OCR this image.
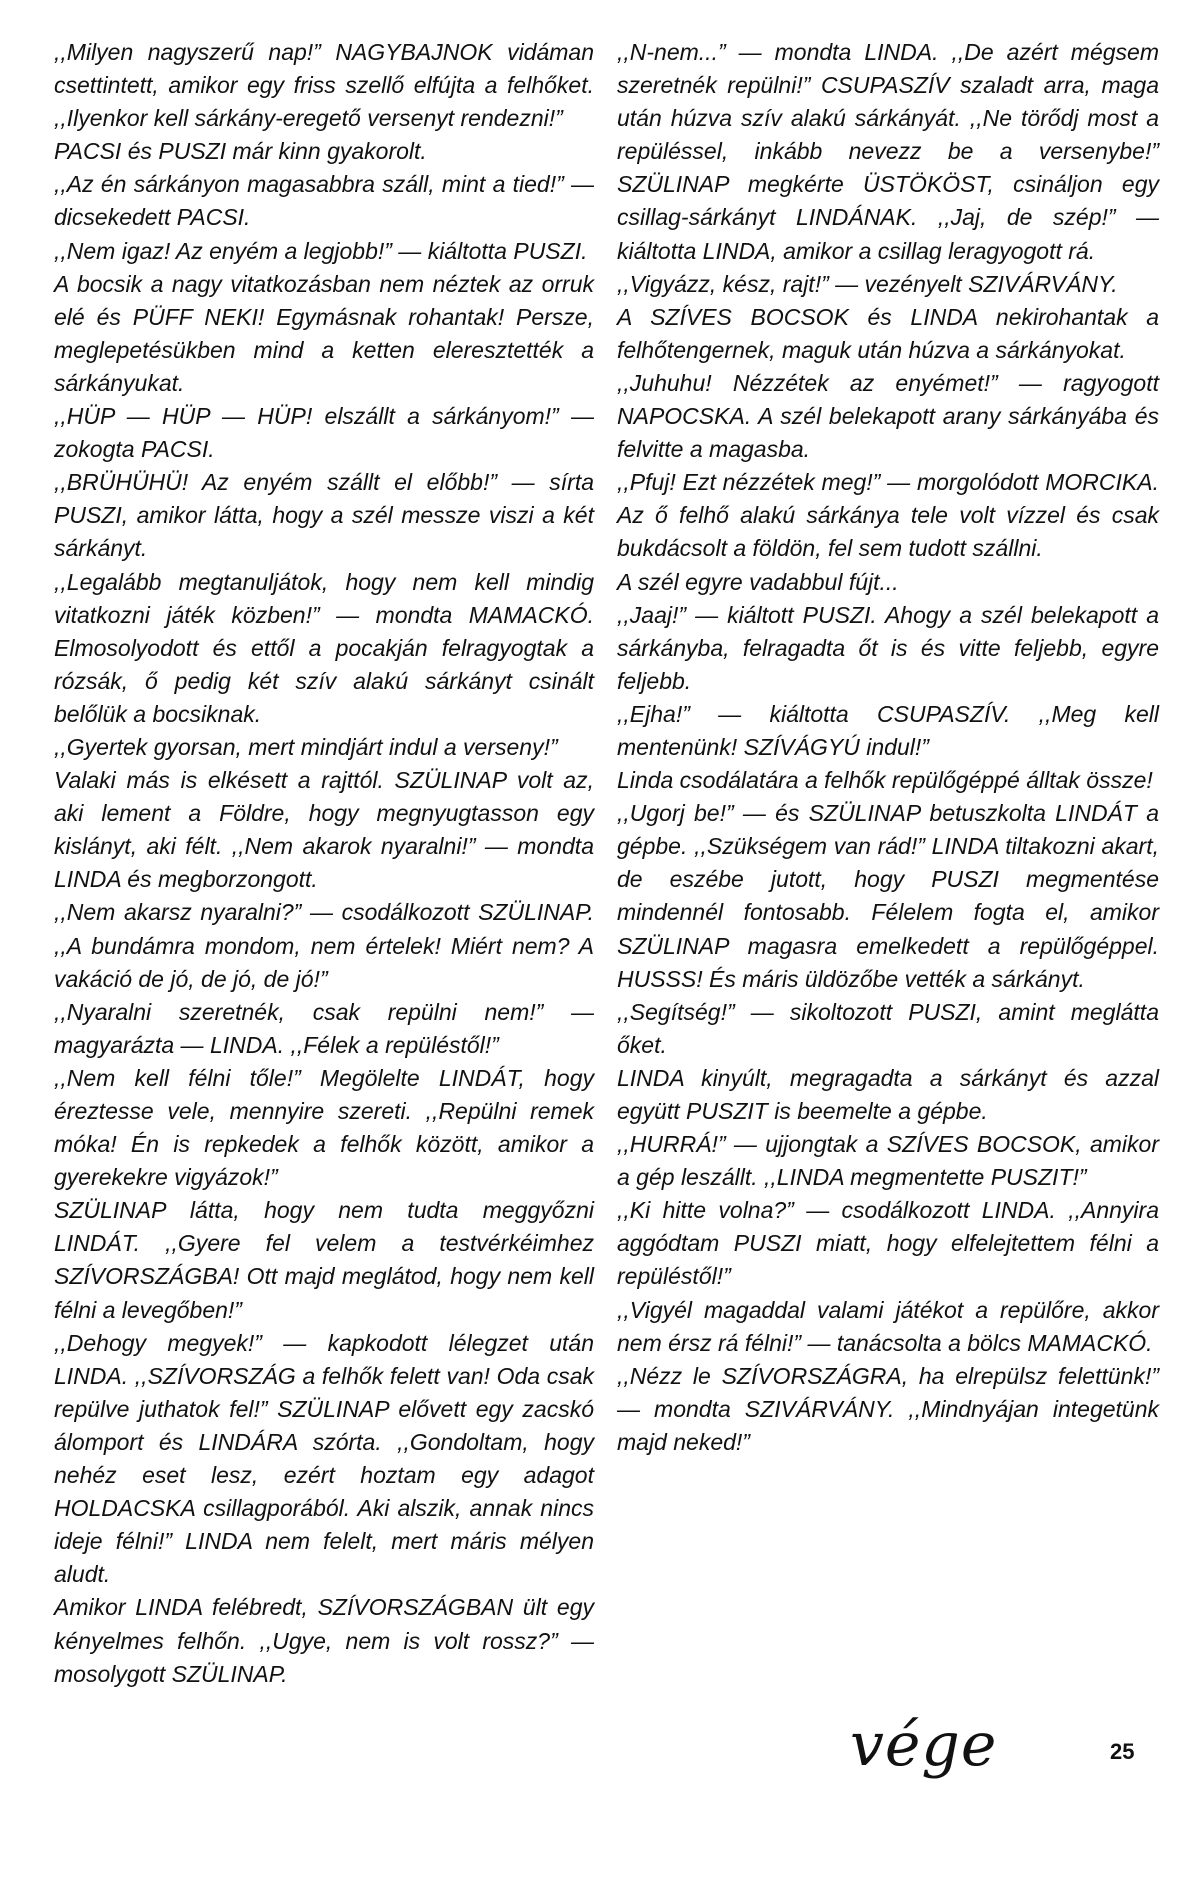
,,Milyen nagyszerű nap!” NAGYBAJNOK vidáman csettintett, amikor egy friss szellő elfújta a felhőket. ,,Ilyenkor kell sárkány-eregető versenyt rendezni!”

PACSI és PUSZI már kinn gyakorolt.

,,Az én sárkányon magasabbra száll, mint a tied!” — dicsekedett PACSI.

,,Nem igaz! Az enyém a legjobb!” — kiáltotta PUSZI.

A bocsik a nagy vitatkozásban nem néztek az orruk elé és PÜFF NEKI! Egymásnak rohantak! Persze, meglepetésükben mind a ketten eleresztették a sárkányukat.

,,HÜP — HÜP — HÜP! elszállt a sárkányom!” — zokogta PACSI.

,,BRÜHÜHÜ! Az enyém szállt el előbb!” — sírta PUSZI, amikor látta, hogy a szél messze viszi a két sárkányt.

,,Legalább megtanuljátok, hogy nem kell mindig vitatkozni játék közben!” — mondta MAMACKÓ. Elmosolyodott és ettől a pocakján felragyogtak a rózsák, ő pedig két szív alakú sárkányt csinált belőlük a bocsiknak.

,,Gyertek gyorsan, mert mindjárt indul a verseny!”

Valaki más is elkésett a rajttól. SZÜLINAP volt az, aki lement a Földre, hogy megnyugtasson egy kislányt, aki félt. ,,Nem akarok nyaralni!” — mondta LINDA és megborzongott.

,,Nem akarsz nyaralni?” — csodálkozott SZÜLINAP. ,,A bundámra mondom, nem értelek! Miért nem? A vakáció de jó, de jó, de jó!”

,,Nyaralni szeretnék, csak repülni nem!” — magyarázta — LINDA. ,,Félek a repüléstől!”

,,Nem kell félni tőle!” Megölelte LINDÁT, hogy éreztesse vele, mennyire szereti. ,,Repülni remek móka! Én is repkedek a felhők között, amikor a gyerekekre vigyázok!”

SZÜLINAP látta, hogy nem tudta meggyőzni LINDÁT. ,,Gyere fel velem a testvérkéimhez SZÍVORSZÁGBA! Ott majd meglátod, hogy nem kell félni a levegőben!”

,,Dehogy megyek!” — kapkodott lélegzet után LINDA. ,,SZÍVORSZÁG a felhők felett van! Oda csak repülve juthatok fel!” SZÜLINAP elővett egy zacskó álomport és LINDÁRA szórta. ,,Gondoltam, hogy nehéz eset lesz, ezért hoztam egy adagot HOLDACSKA csillagporából. Aki alszik, annak nincs ideje félni!” LINDA nem felelt, mert máris mélyen aludt.

Amikor LINDA felébredt, SZÍVORSZÁGBAN ült egy kényelmes felhőn. ,,Ugye, nem is volt rossz?” — mosolygott SZÜLINAP.

,,N-nem...” — mondta LINDA. ,,De azért mégsem szeretnék repülni!” CSUPASZÍV szaladt arra, maga után húzva szív alakú sárkányát. ,,Ne törődj most a repüléssel, inkább nevezz be a versenybe!” SZÜLINAP megkérte ÜSTÖKÖST, csináljon egy csillag-sárkányt LINDÁNAK. ,,Jaj, de szép!” — kiáltotta LINDA, amikor a csillag leragyogott rá.

,,Vigyázz, kész, rajt!” — vezényelt SZIVÁRVÁNY.

A SZÍVES BOCSOK és LINDA nekirohantak a felhőtengernek, maguk után húzva a sárkányokat.

,,Juhuhu! Nézzétek az enyémet!” — ragyogott NAPOCSKA. A szél belekapott arany sárkányába és felvitte a magasba.

,,Pfuj! Ezt nézzétek meg!” — morgolódott MORCIKA. Az ő felhő alakú sárkánya tele volt vízzel és csak bukdácsolt a földön, fel sem tudott szállni.

A szél egyre vadabbul fújt...

,,Jaaj!” — kiáltott PUSZI. Ahogy a szél belekapott a sárkányba, felragadta őt is és vitte feljebb, egyre feljebb.

,,Ejha!” — kiáltotta CSUPASZÍV. ,,Meg kell mentenünk! SZÍVÁGYÚ indul!”

Linda csodálatára a felhők repülőgéppé álltak össze!

,,Ugorj be!” — és SZÜLINAP betuszkolta LINDÁT a gépbe. ,,Szükségem van rád!” LINDA tiltakozni akart, de eszébe jutott, hogy PUSZI megmentése mindennél fontosabb. Félelem fogta el, amikor SZÜLINAP magasra emelkedett a repülőgéppel. HUSSS! És máris üldözőbe vették a sárkányt.

,,Segítség!” — sikoltozott PUSZI, amint meglátta őket.

LINDA kinyúlt, megragadta a sárkányt és azzal együtt PUSZIT is beemelte a gépbe.

,,HURRÁ!” — ujjongtak a SZÍVES BOCSOK, amikor a gép leszállt. ,,LINDA megmentette PUSZIT!”

,,Ki hitte volna?” — csodálkozott LINDA. ,,Annyira aggódtam PUSZI miatt, hogy elfelejtettem félni a repüléstől!”

,,Vigyél magaddal valami játékot a repülőre, akkor nem érsz rá félni!” — tanácsolta a bölcs MAMACKÓ.

,,Nézz le SZÍVORSZÁGRA, ha elrepülsz felettünk!” — mondta SZIVÁRVÁNY. ,,Mindnyájan integetünk majd neked!”

vége	25
